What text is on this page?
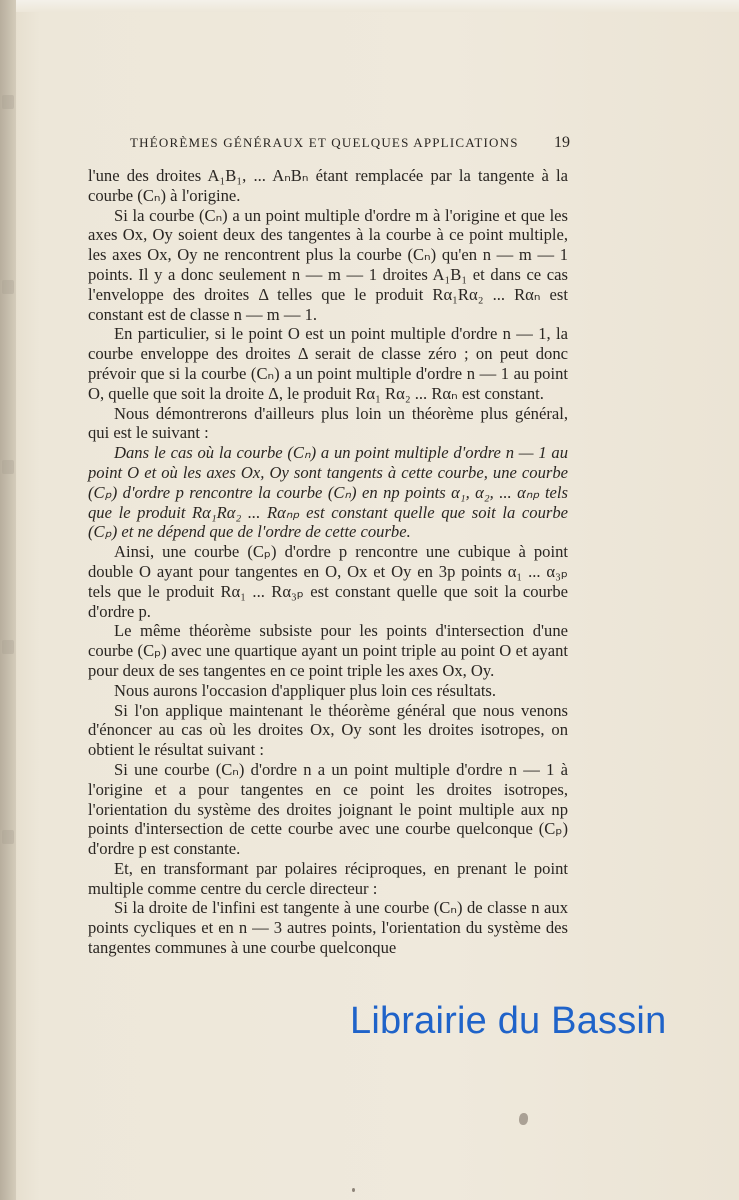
THÉORÈMES GÉNÉRAUX ET QUELQUES APPLICATIONS 19

l'une des droites A₁B₁, ... AₙBₙ étant remplacée par la tangente à la courbe (Cₙ) à l'origine.

Si la courbe (Cₙ) a un point multiple d'ordre m à l'origine et que les axes Ox, Oy soient deux des tangentes à la courbe à ce point multiple, les axes Ox, Oy ne rencontrent plus la courbe (Cₙ) qu'en n — m — 1 points. Il y a donc seulement n — m — 1 droites A₁B₁ et dans ce cas l'enveloppe des droites Δ telles que le produit Rα₁Rα₂ ... Rαₙ est constant est de classe n — m — 1.

En particulier, si le point O est un point multiple d'ordre n — 1, la courbe enveloppe des droites Δ serait de classe zéro ; on peut donc prévoir que si la courbe (Cₙ) a un point multiple d'ordre n — 1 au point O, quelle que soit la droite Δ, le produit Rα₁ Rα₂ ... Rαₙ est constant.

Nous démontrerons d'ailleurs plus loin un théorème plus général, qui est le suivant :

Dans le cas où la courbe (Cₙ) a un point multiple d'ordre n — 1 au point O et où les axes Ox, Oy sont tangents à cette courbe, une courbe (Cₚ) d'ordre p rencontre la courbe (Cₙ) en np points α₁, α₂, ... αₙₚ tels que le produit Rα₁Rα₂ ... Rαₙₚ est constant quelle que soit la courbe (Cₚ) et ne dépend que de l'ordre de cette courbe.

Ainsi, une courbe (Cₚ) d'ordre p rencontre une cubique à point double O ayant pour tangentes en O, Ox et Oy en 3p points α₁ ... α₃ₚ tels que le produit Rα₁ ... Rα₃ₚ est constant quelle que soit la courbe d'ordre p.

Le même théorème subsiste pour les points d'intersection d'une courbe (Cₚ) avec une quartique ayant un point triple au point O et ayant pour deux de ses tangentes en ce point triple les axes Ox, Oy.

Nous aurons l'occasion d'appliquer plus loin ces résultats.

Si l'on applique maintenant le théorème général que nous venons d'énoncer au cas où les droites Ox, Oy sont les droites isotropes, on obtient le résultat suivant :

Si une courbe (Cₙ) d'ordre n a un point multiple d'ordre n — 1 à l'origine et a pour tangentes en ce point les droites isotropes, l'orientation du système des droites joignant le point multiple aux np points d'intersection de cette courbe avec une courbe quelconque (Cₚ) d'ordre p est constante.

Et, en transformant par polaires réciproques, en prenant le point multiple comme centre du cercle directeur :

Si la droite de l'infini est tangente à une courbe (Cₙ) de classe n aux points cycliques et en n — 3 autres points, l'orientation du système des tangentes communes à une courbe quelconque

Librairie du Bassin
